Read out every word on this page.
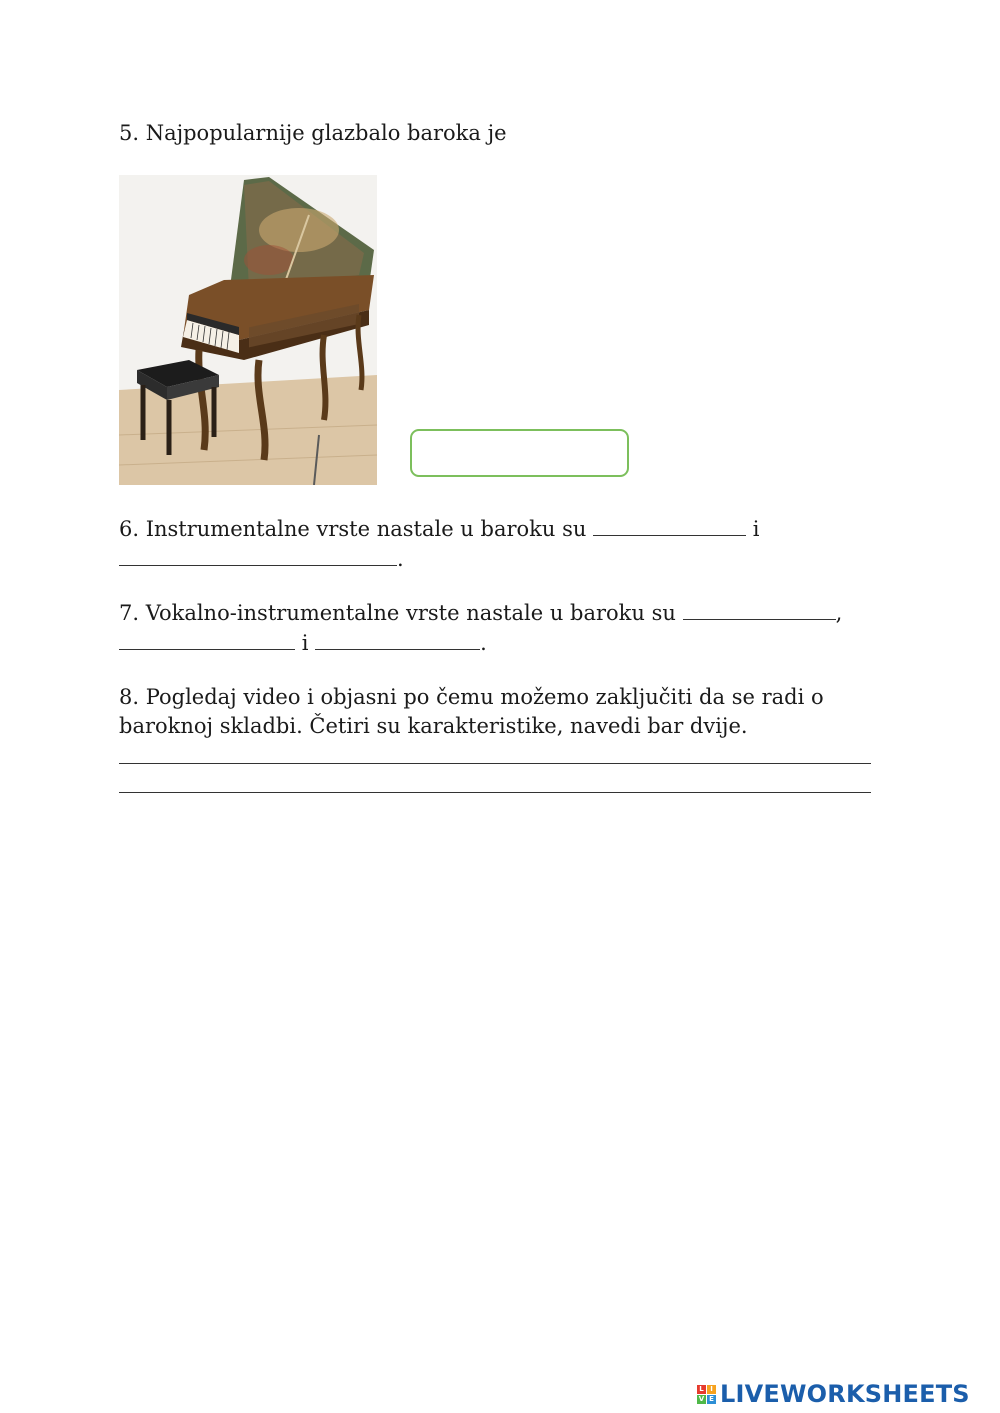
5. Najpopularnije glazbalo baroka je
6. Instrumentalne vrste nastale u baroku su	i
.
7. Vokalno-instrumentalne vrste nastale u baroku su	,
i	.
8. Pogledaj video i objasni po čemu možemo zaključiti da se radi o
baroknoj skladbi. Četiri su karakteristike, navedi bar dvije.
L I
V E LIVEWORKSHEETS
